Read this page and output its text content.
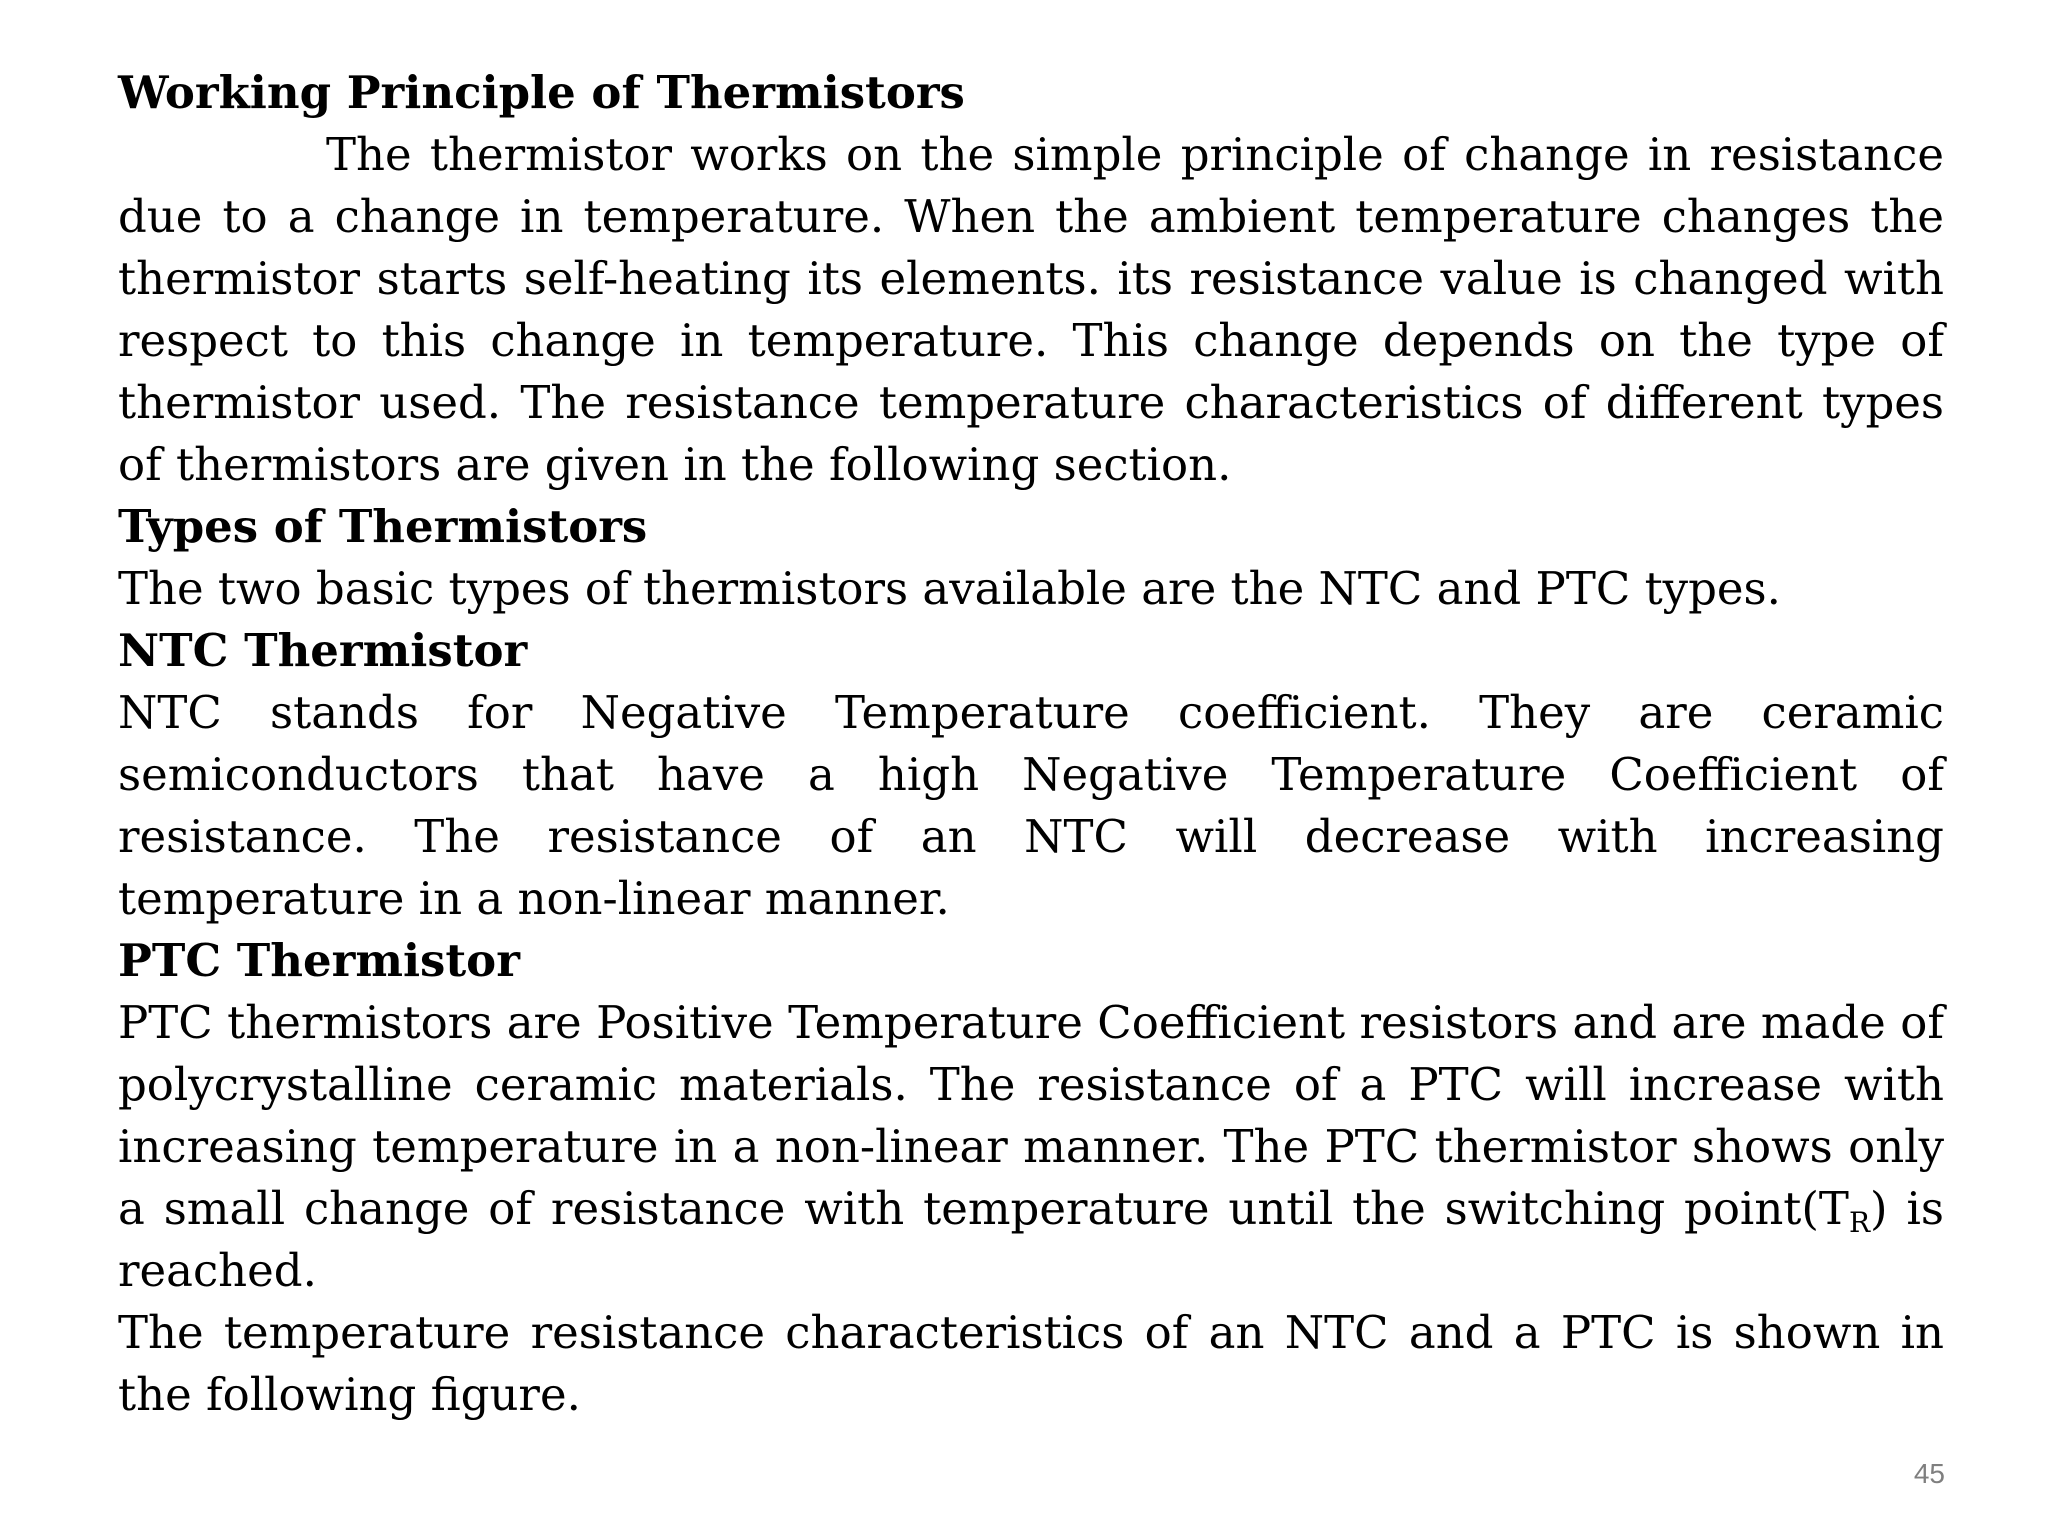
Working Principle of Thermistors

The thermistor works on the simple principle of change in resistance due to a change in temperature. When the ambient temperature changes the thermistor starts self-heating its elements. its resistance value is changed with respect to this change in temperature. This change depends on the type of thermistor used. The resistance temperature characteristics of different types of thermistors are given in the following section.

Types of Thermistors

The two basic types of thermistors available are the NTC and PTC types.

NTC Thermistor

NTC stands for Negative Temperature coefficient. They are ceramic semiconductors that have a high Negative Temperature Coefficient of resistance. The resistance of an NTC will decrease with increasing temperature in a non-linear manner.

PTC Thermistor

PTC thermistors are Positive Temperature Coefficient resistors and are made of polycrystalline ceramic materials. The resistance of a PTC will increase with increasing temperature in a non-linear manner. The PTC thermistor shows only a small change of resistance with temperature until the switching $point(T_R)$ is reached.

The temperature resistance characteristics of an NTC and a PTC is shown in the following figure.

45
